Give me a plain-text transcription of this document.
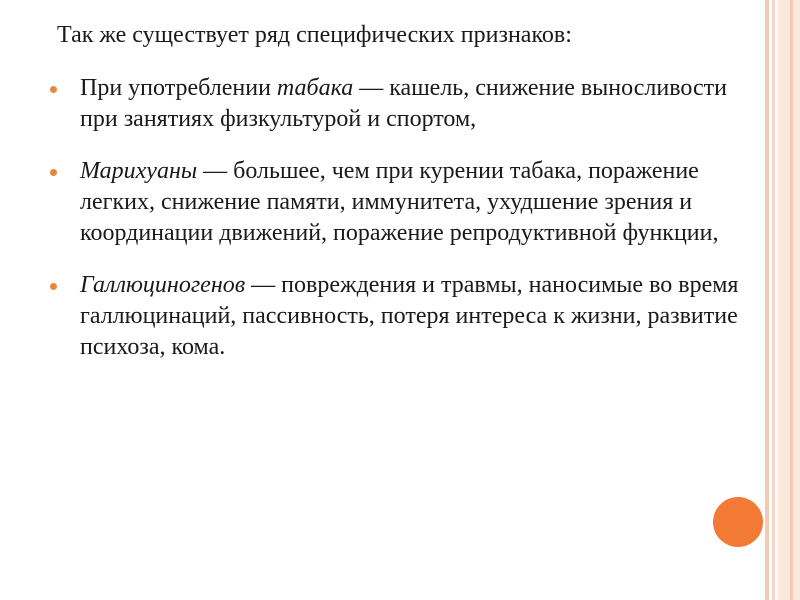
Так же существует ряд специфических признаков:

При употреблении табака — кашель, снижение выносливости при занятиях физкультурой и спортом,
Марихуаны — большее, чем при курении табака, поражение легких, снижение памяти, иммунитета, ухудшение зрения и координации движений, поражение репродуктивной функции,
Галлюциногенов — повреждения и травмы, наносимые во время галлюцинаций, пассивность, потеря интереса к жизни, развитие психоза, кома.
